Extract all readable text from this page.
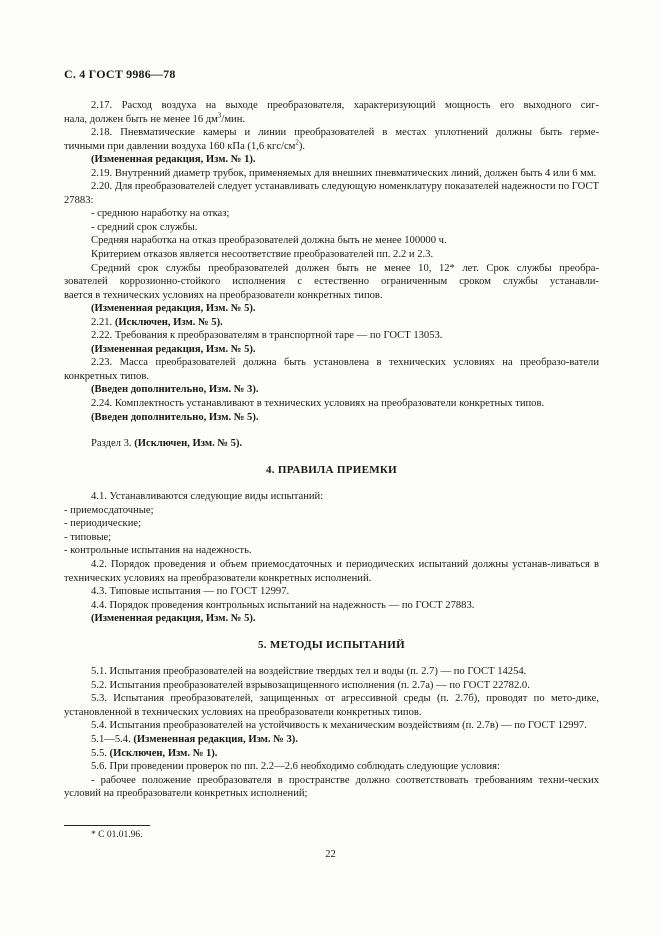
С. 4 ГОСТ 9986—78

2.17. Расход воздуха на выходе преобразователя, характеризующий мощность его выходного сиг-

нала, должен быть не менее 16 $дм^3$/мин.

2.18. Пневматические камеры и линии преобразователей в местах уплотнений должны быть герме-

тичными при давлении воздуха 160 кПа (1,6 кгс/$см^2$).

(Измененная редакция, Изм. № 1).

2.19. Внутренний диаметр трубок, применяемых для внешних пневматических линий, должен быть 4 или 6 мм.

2.20. Для преобразователей следует устанавливать следующую номенклатуру показателей надежности по ГОСТ 27883:

- среднюю наработку на отказ;

- средний срок службы.

Средняя наработка на отказ преобразователей должна быть не менее 100000 ч.

Критерием отказов является несоответствие преобразователей пп. 2.2 и 2.3.

Средний срок службы преобразователей должен быть не менее 10, 12* лет. Срок службы преобра-

зователей коррозионно-стойкого исполнения с естественно ограниченным сроком службы устанавли-

вается в технических условиях на преобразователи конкретных типов.

(Измененная редакция, Изм. № 5).

2.21. (Исключен, Изм. № 5).

2.22. Требования к преобразователям в транспортной таре — по ГОСТ 13053.

(Измененная редакция, Изм. № 5).

2.23. Масса преобразователей должна быть установлена в технических условиях на преобразо-ватели конкретных типов.

(Введен дополнительно, Изм. № 3).

2.24. Комплектность устанавливают в технических условиях на преобразователи конкретных типов.

(Введен дополнительно, Изм. № 5).

Раздел 3. (Исключен, Изм. № 5).

4. ПРАВИЛА ПРИЕМКИ

4.1. Устанавливаются следующие виды испытаний:

- приемосдаточные;

- периодические;

- типовые;

- контрольные испытания на надежность.

4.2. Порядок проведения и объем приемосдаточных и периодических испытаний должны устанав-ливаться в технических условиях на преобразователи конкретных исполнений.

4.3. Типовые испытания — по ГОСТ 12997.

4.4. Порядок проведения контрольных испытаний на надежность — по ГОСТ 27883.

(Измененная редакция, Изм. № 5).

5. МЕТОДЫ ИСПЫТАНИЙ

5.1. Испытания преобразователей на воздействие твердых тел и воды (п. 2.7) — по ГОСТ 14254.

5.2. Испытания преобразователей взрывозащищенного исполнения (п. 2.7а) — по ГОСТ 22782.0.

5.3. Испытания преобразователей, защищенных от агрессивной среды (п. 2.7б), проводят по мето-дике, установленной в технических условиях на преобразователи конкретных типов.

5.4. Испытания преобразователей на устойчивость к механическим воздействиям (п. 2.7в) — по ГОСТ 12997.

5.1—5.4. (Измененная редакция, Изм. № 3).

5.5. (Исключен, Изм. № 1).

5.6. При проведении проверок по пп. 2.2—2.6 необходимо соблюдать следующие условия:

- рабочее положение преобразователя в пространстве должно соответствовать требованиям техни-ческих условий на преобразователи конкретных исполнений;

* С 01.01.96.
22
